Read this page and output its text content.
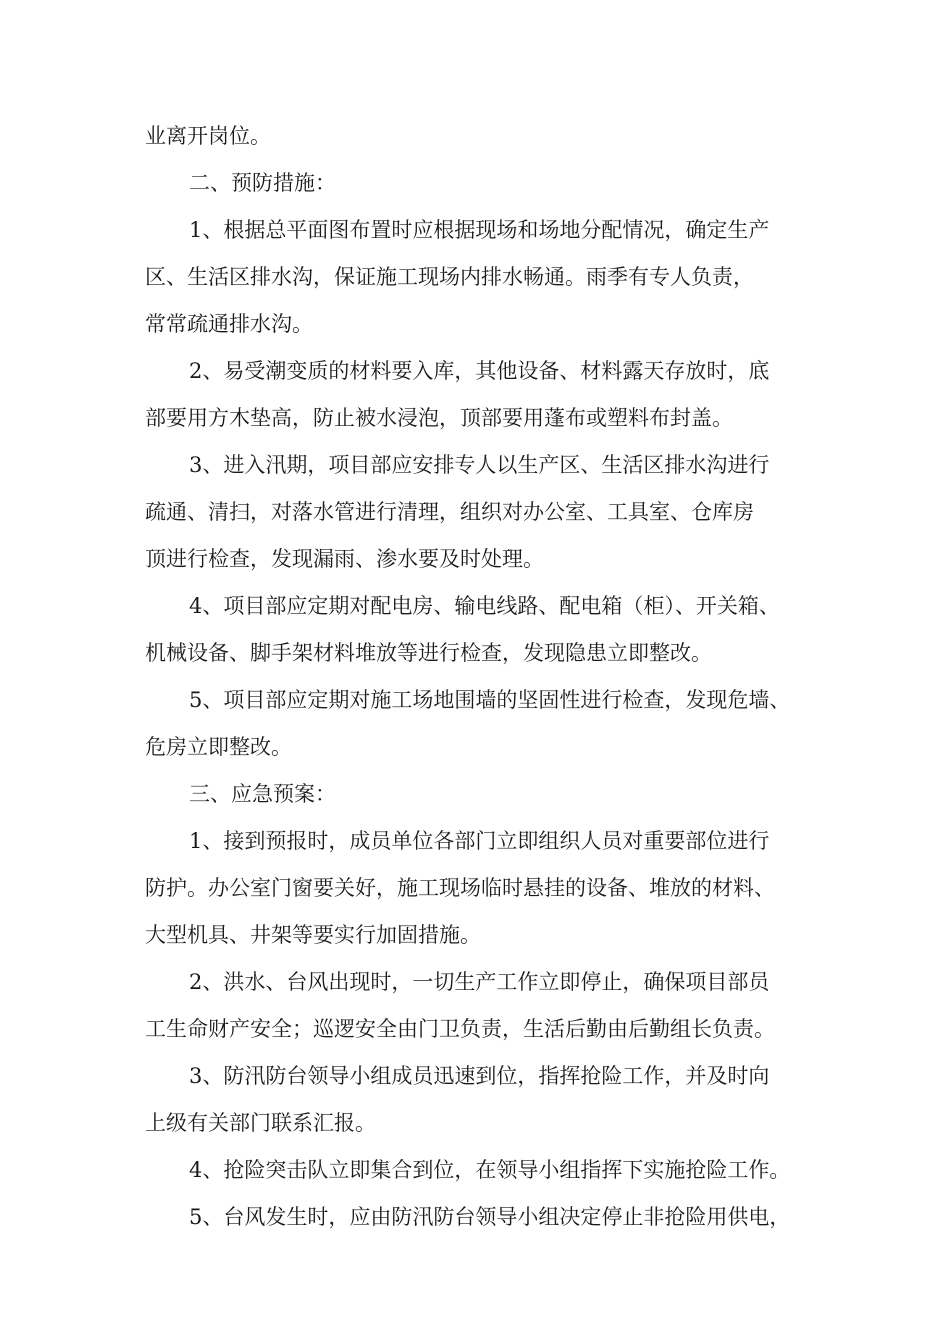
业离开岗位。
二、预防措施：
1、根据总平面图布置时应根据现场和场地分配情况，确定生产
区、生活区排水沟，保证施工现场内排水畅通。雨季有专人负责，
常常疏通排水沟。
2、易受潮变质的材料要入库，其他设备、材料露天存放时，底
部要用方木垫高，防止被水浸泡，顶部要用蓬布或塑料布封盖。
3、进入汛期，项目部应安排专人以生产区、生活区排水沟进行
疏通、清扫，对落水管进行清理，组织对办公室、工具室、仓库房
顶进行检查，发现漏雨、渗水要及时处理。
4、项目部应定期对配电房、输电线路、配电箱（柜）、开关箱、
机械设备、脚手架材料堆放等进行检查，发现隐患立即整改。
5、项目部应定期对施工场地围墙的坚固性进行检查，发现危墙、
危房立即整改。
三、应急预案：
1、接到预报时，成员单位各部门立即组织人员对重要部位进行
防护。办公室门窗要关好，施工现场临时悬挂的设备、堆放的材料、
大型机具、井架等要实行加固措施。
2、洪水、台风出现时，一切生产工作立即停止，确保项目部员
工生命财产安全；巡逻安全由门卫负责，生活后勤由后勤组长负责。
3、防汛防台领导小组成员迅速到位，指挥抢险工作，并及时向
上级有关部门联系汇报。
4、抢险突击队立即集合到位，在领导小组指挥下实施抢险工作。
5、台风发生时，应由防汛防台领导小组决定停止非抢险用供电，
